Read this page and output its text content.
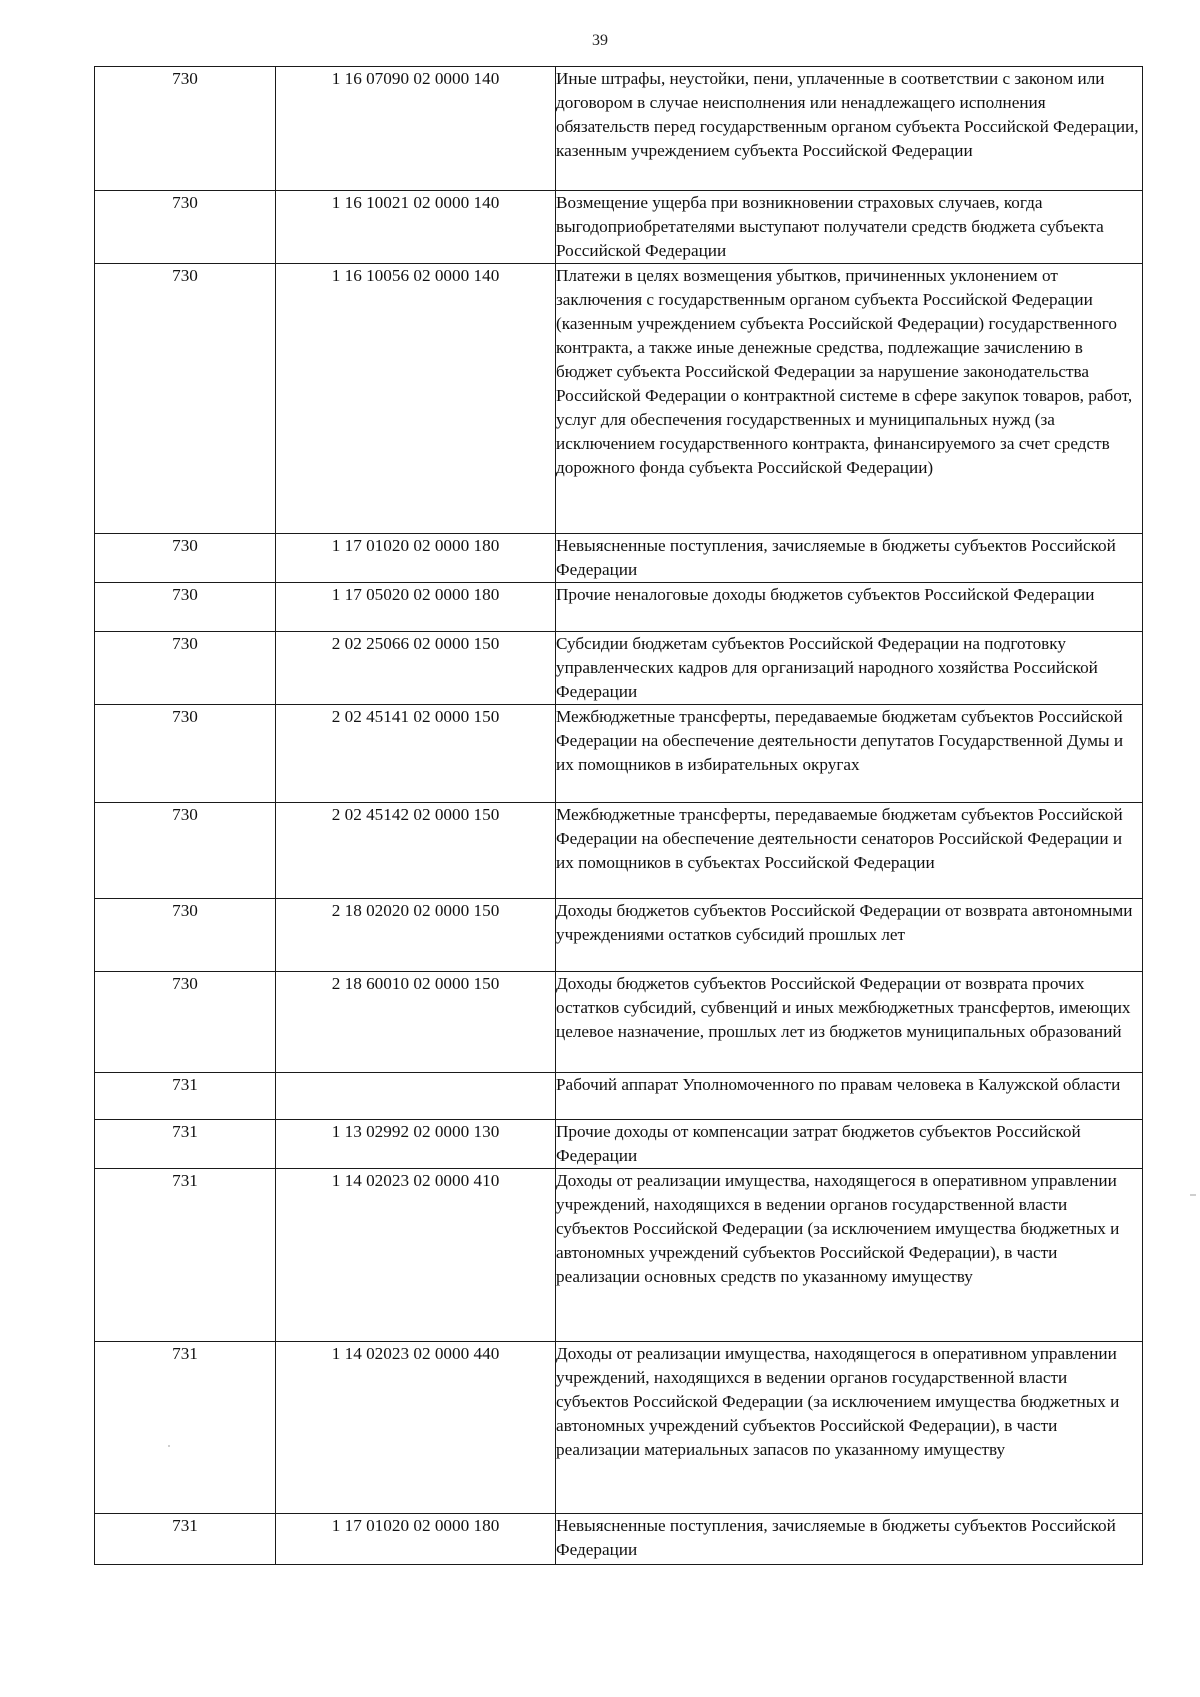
39
730	1 16 07090 02 0000 140	Иные штрафы, неустойки, пени, уплаченные в соответствии с законом или договором в случае неисполнения или ненадлежащего исполнения обязательств перед государственным органом субъекта Российской Федерации, казенным учреждением субъекта Российской Федерации
730	1 16 10021 02 0000 140	Возмещение ущерба при возникновении страховых случаев, когда выгодоприобретателями выступают получатели средств бюджета субъекта Российской Федерации
730	1 16 10056 02 0000 140	Платежи в целях возмещения убытков, причиненных уклонением от заключения с государственным органом субъекта Российской Федерации (казенным учреждением субъекта Российской Федерации) государственного контракта, а также иные денежные средства, подлежащие зачислению в бюджет субъекта Российской Федерации за нарушение законодательства Российской Федерации о контрактной системе в сфере закупок товаров, работ, услуг для обеспечения государственных и муниципальных нужд (за исключением государственного контракта, финансируемого за счет средств дорожного фонда субъекта Российской Федерации)
730	1 17 01020 02 0000 180	Невыясненные поступления, зачисляемые в бюджеты субъектов Российской Федерации
730	1 17 05020 02 0000 180	Прочие неналоговые доходы бюджетов субъектов Российской Федерации
730	2 02 25066 02 0000 150	Субсидии бюджетам субъектов Российской Федерации на подготовку управленческих кадров для организаций народного хозяйства Российской Федерации
730	2 02 45141 02 0000 150	Межбюджетные трансферты, передаваемые бюджетам субъектов Российской Федерации на обеспечение деятельности депутатов Государственной Думы и их помощников в избирательных округах
730	2 02 45142 02 0000 150	Межбюджетные трансферты, передаваемые бюджетам субъектов Российской Федерации на обеспечение деятельности сенаторов Российской Федерации и их помощников в субъектах Российской Федерации
730	2 18 02020 02 0000 150	Доходы бюджетов субъектов Российской Федерации от возврата автономными учреждениями остатков субсидий прошлых лет
730	2 18 60010 02 0000 150	Доходы бюджетов субъектов Российской Федерации от возврата прочих остатков субсидий, субвенций и иных межбюджетных трансфертов, имеющих целевое назначение, прошлых лет из бюджетов муниципальных образований
731		Рабочий аппарат Уполномоченного по правам человека в Калужской области
731	1 13 02992 02 0000 130	Прочие доходы от компенсации затрат бюджетов субъектов Российской Федерации
731	1 14 02023 02 0000 410	Доходы от реализации имущества, находящегося в оперативном управлении учреждений, находящихся в ведении органов государственной власти субъектов Российской Федерации (за исключением имущества бюджетных и автономных учреждений субъектов Российской Федерации), в части реализации основных средств по указанному имуществу
731	1 14 02023 02 0000 440	Доходы от реализации имущества, находящегося в оперативном управлении учреждений, находящихся в ведении органов государственной власти субъектов Российской Федерации (за исключением имущества бюджетных и автономных учреждений субъектов Российской Федерации), в части реализации материальных запасов по указанному имуществу
731	1 17 01020 02 0000 180	Невыясненные поступления, зачисляемые в бюджеты субъектов Российской Федерации
